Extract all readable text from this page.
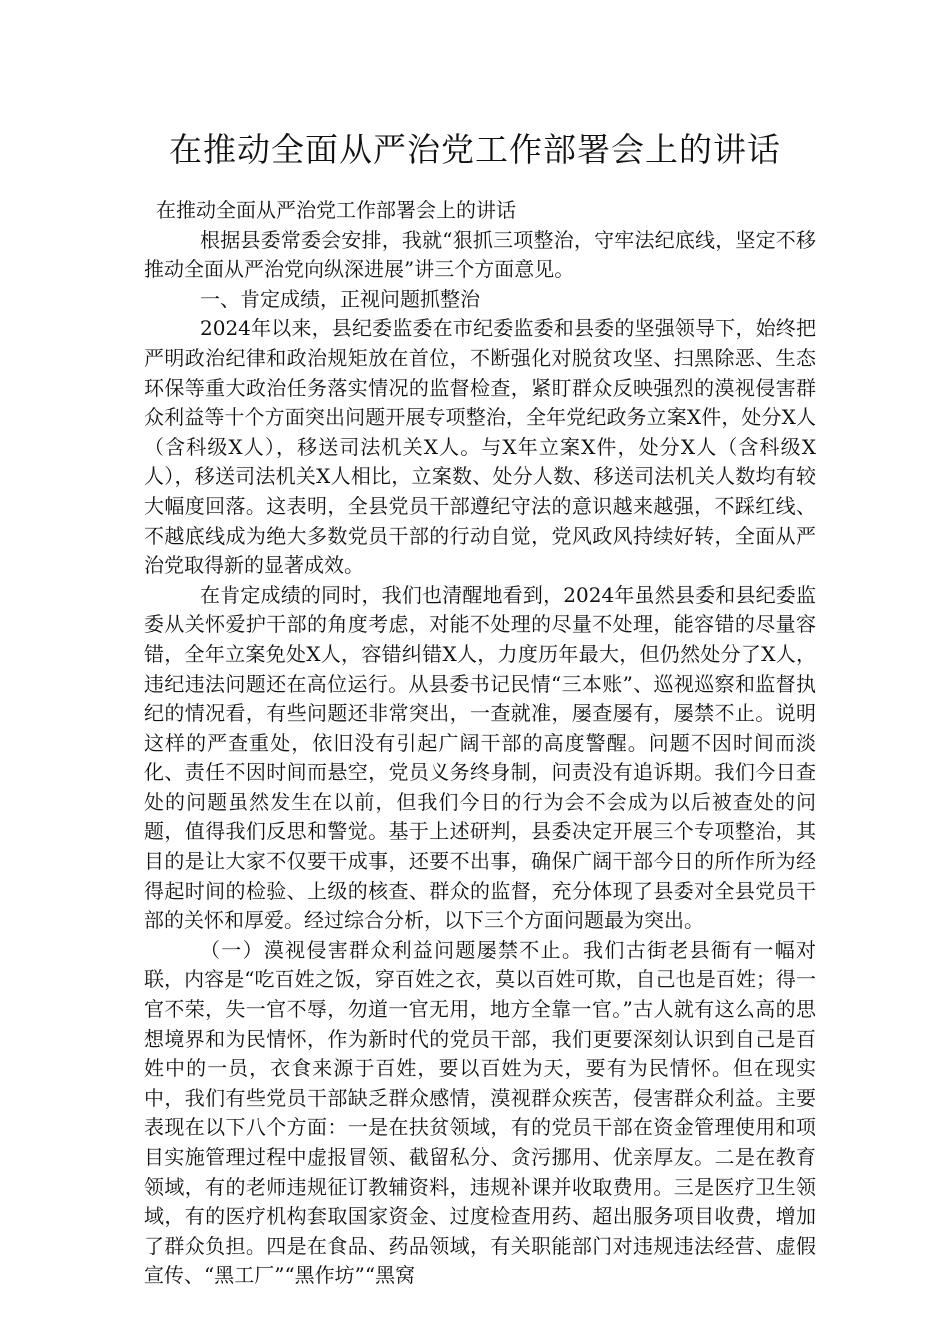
在推动全面从严治党工作部署会上的讲话

在推动全面从严治党工作部署会上的讲话

根据县委常委会安排，我就“狠抓三项整治，守牢法纪底线，坚定不移推动全面从严治党向纵深进展”讲三个方面意见。

一、肯定成绩，正视问题抓整治

2024年以来，县纪委监委在市纪委监委和县委的坚强领导下，始终把严明政治纪律和政治规矩放在首位，不断强化对脱贫攻坚、扫黑除恶、生态环保等重大政治任务落实情况的监督检查，紧盯群众反映强烈的漠视侵害群众利益等十个方面突出问题开展专项整治，全年党纪政务立案X件，处分X人（含科级X人），移送司法机关X人。与X年立案X件，处分X人（含科级X人），移送司法机关X人相比，立案数、处分人数、移送司法机关人数均有较大幅度回落。这表明，全县党员干部遵纪守法的意识越来越强，不踩红线、不越底线成为绝大多数党员干部的行动自觉，党风政风持续好转，全面从严治党取得新的显著成效。

在肯定成绩的同时，我们也清醒地看到，2024年虽然县委和县纪委监委从关怀爱护干部的角度考虑，对能不处理的尽量不处理，能容错的尽量容错，全年立案免处X人，容错纠错X人，力度历年最大，但仍然处分了X人，违纪违法问题还在高位运行。从县委书记民情“三本账”、巡视巡察和监督执纪的情况看，有些问题还非常突出，一查就准，屡查屡有，屡禁不止。说明这样的严查重处，依旧没有引起广阔干部的高度警醒。问题不因时间而淡化、责任不因时间而悬空，党员义务终身制，问责没有追诉期。我们今日查处的问题虽然发生在以前，但我们今日的行为会不会成为以后被查处的问题，值得我们反思和警觉。基于上述研判，县委决定开展三个专项整治，其目的是让大家不仅要干成事，还要不出事，确保广阔干部今日的所作所为经得起时间的检验、上级的核查、群众的监督，充分体现了县委对全县党员干部的关怀和厚爱。经过综合分析，以下三个方面问题最为突出。

（一）漠视侵害群众利益问题屡禁不止。我们古街老县衙有一幅对联，内容是“吃百姓之饭，穿百姓之衣，莫以百姓可欺，自己也是百姓；得一官不荣，失一官不辱，勿道一官无用，地方全靠一官。”古人就有这么高的思想境界和为民情怀，作为新时代的党员干部，我们更要深刻认识到自己是百姓中的一员，衣食来源于百姓，要以百姓为天，要有为民情怀。但在现实中，我们有些党员干部缺乏群众感情，漠视群众疾苦，侵害群众利益。主要表现在以下八个方面：一是在扶贫领域，有的党员干部在资金管理使用和项目实施管理过程中虚报冒领、截留私分、贪污挪用、优亲厚友。二是在教育领域，有的老师违规征订教辅资料，违规补课并收取费用。三是医疗卫生领域，有的医疗机构套取国家资金、过度检查用药、超出服务项目收费，增加了群众负担。四是在食品、药品领域，有关职能部门对违规违法经营、虚假宣传、“黑工厂”“黑作坊”“黑窝
